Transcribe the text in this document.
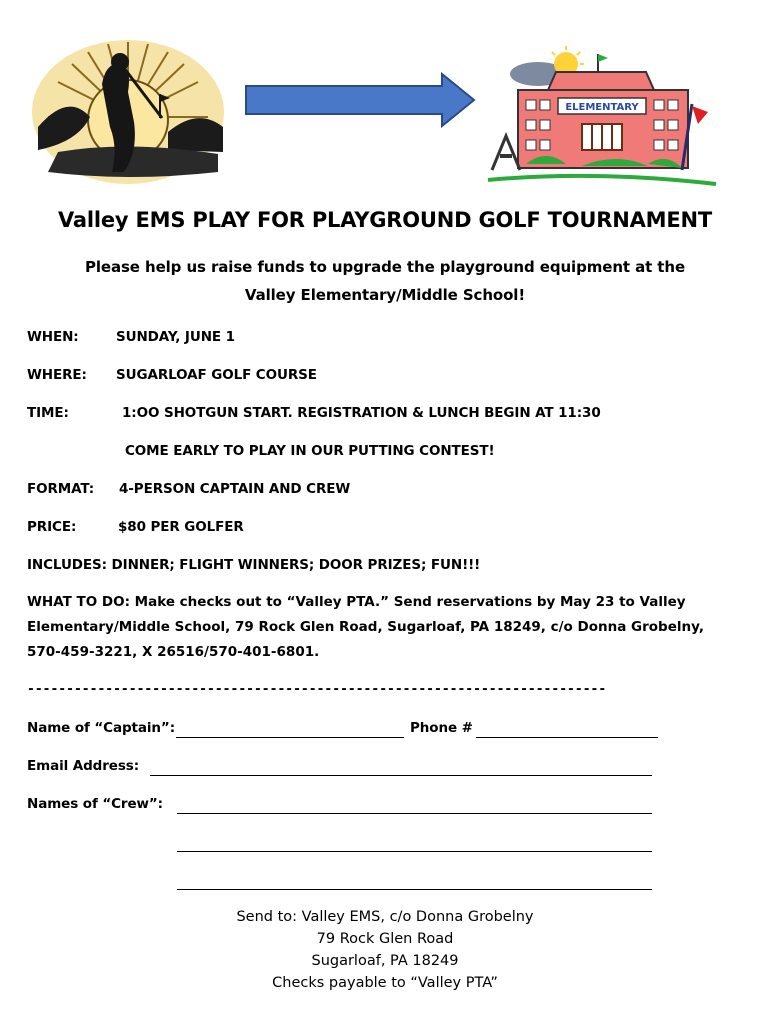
ELEMENTARY
Valley EMS PLAY FOR PLAYGROUND GOLF TOURNAMENT
Please help us raise funds to upgrade the playground equipment at the
Valley Elementary/Middle School!
WHEN:	SUNDAY, JUNE 1
WHERE: SUGARLOAF GOLF COURSE
TIME:	1:OO SHOTGUN START. REGISTRATION & LUNCH BEGIN AT 11:30
COME EARLY TO PLAY IN OUR PUTTING CONTEST!
FORMAT: 4-PERSON CAPTAIN AND CREW
PRICE:	$80 PER GOLFER
INCLUDES: DINNER; FLIGHT WINNERS; DOOR PRIZES; FUN!!!
WHAT TO DO: Make checks out to “Valley PTA.” Send reservations by May 23 to Valley Elementary/Middle School, 79 Rock Glen Road, Sugarloaf, PA 18249, c/o Donna Grobelny, 570-459-3221, X 26516/570-401-6801.
--------------------------------------------------------------------------
Name of “Captain”:	Phone #
Email Address:
Names of “Crew”:
Send to: Valley EMS, c/o Donna Grobelny
79 Rock Glen Road
Sugarloaf, PA 18249
Checks payable to “Valley PTA”
